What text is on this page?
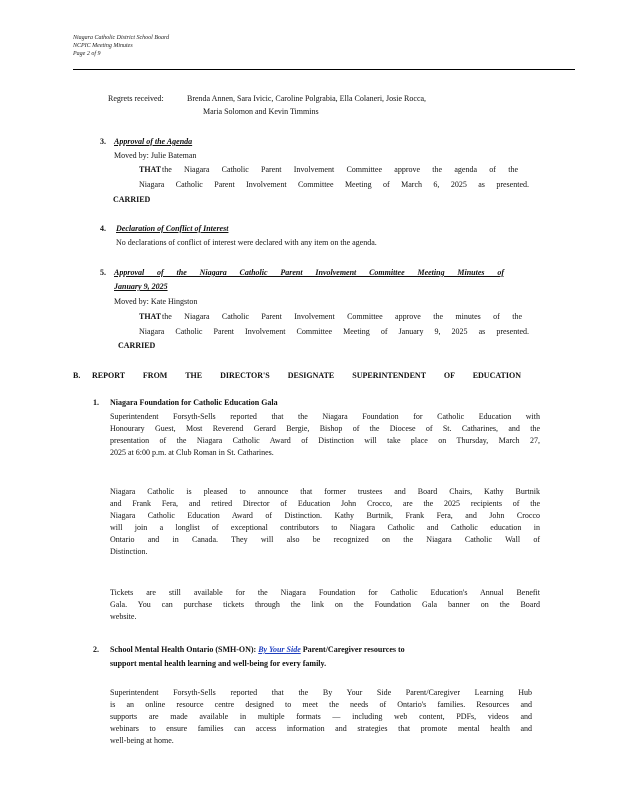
Niagara Catholic District School Board
NCPIC Meeting Minutes
Page 2 of 9
Regrets received:	Brenda Annen, Sara Ivicic, Caroline Polgrabia, Ella Colaneri, Josie Rocca,
Maria Solomon and Kevin Timmins
3. Approval of the Agenda
Moved by: Julie Bateman
THAT the Niagara Catholic Parent Involvement Committee approve the agenda of the
Niagara Catholic Parent Involvement Committee Meeting of March 6, 2025 as presented.
CARRIED
4. Declaration of Conflict of Interest
No declarations of conflict of interest were declared with any item on the agenda.
5. Approval of the Niagara Catholic Parent Involvement Committee Meeting Minutes of
January 9, 2025
Moved by: Kate Hingston
THAT the Niagara Catholic Parent Involvement Committee approve the minutes of the
Niagara Catholic Parent Involvement Committee Meeting of January 9, 2025 as presented.
CARRIED
B. REPORT FROM THE DIRECTOR'S DESIGNATE SUPERINTENDENT OF EDUCATION
1. Niagara Foundation for Catholic Education Gala
Superintendent Forsyth-Sells reported that the Niagara Foundation for Catholic Education with
Honourary Guest, Most Reverend Gerard Bergie, Bishop of the Diocese of St. Catharines, and the
presentation of the Niagara Catholic Award of Distinction will take place on Thursday, March 27,
2025 at 6:00 p.m. at Club Roman in St. Catharines.
Niagara Catholic is pleased to announce that former trustees and Board Chairs, Kathy Burtnik
and Frank Fera, and retired Director of Education John Crocco, are the 2025 recipients of the
Niagara Catholic Education Award of Distinction. Kathy Burtnik, Frank Fera, and John Crocco
will join a longlist of exceptional contributors to Niagara Catholic and Catholic education in
Ontario and in Canada. They will also be recognized on the Niagara Catholic Wall of
Distinction.
Tickets are still available for the Niagara Foundation for Catholic Education's Annual Benefit
Gala. You can purchase tickets through the link on the Foundation Gala banner on the Board
website.
2. School Mental Health Ontario (SMH-ON): By Your Side Parent/Caregiver resources to
support mental health learning and well-being for every family.
Superintendent Forsyth-Sells reported that the By Your Side Parent/Caregiver Learning Hub
is an online resource centre designed to meet the needs of Ontario's families. Resources and
supports are made available in multiple formats — including web content, PDFs, videos and
webinars to ensure families can access information and strategies that promote mental health and
well-being at home.
